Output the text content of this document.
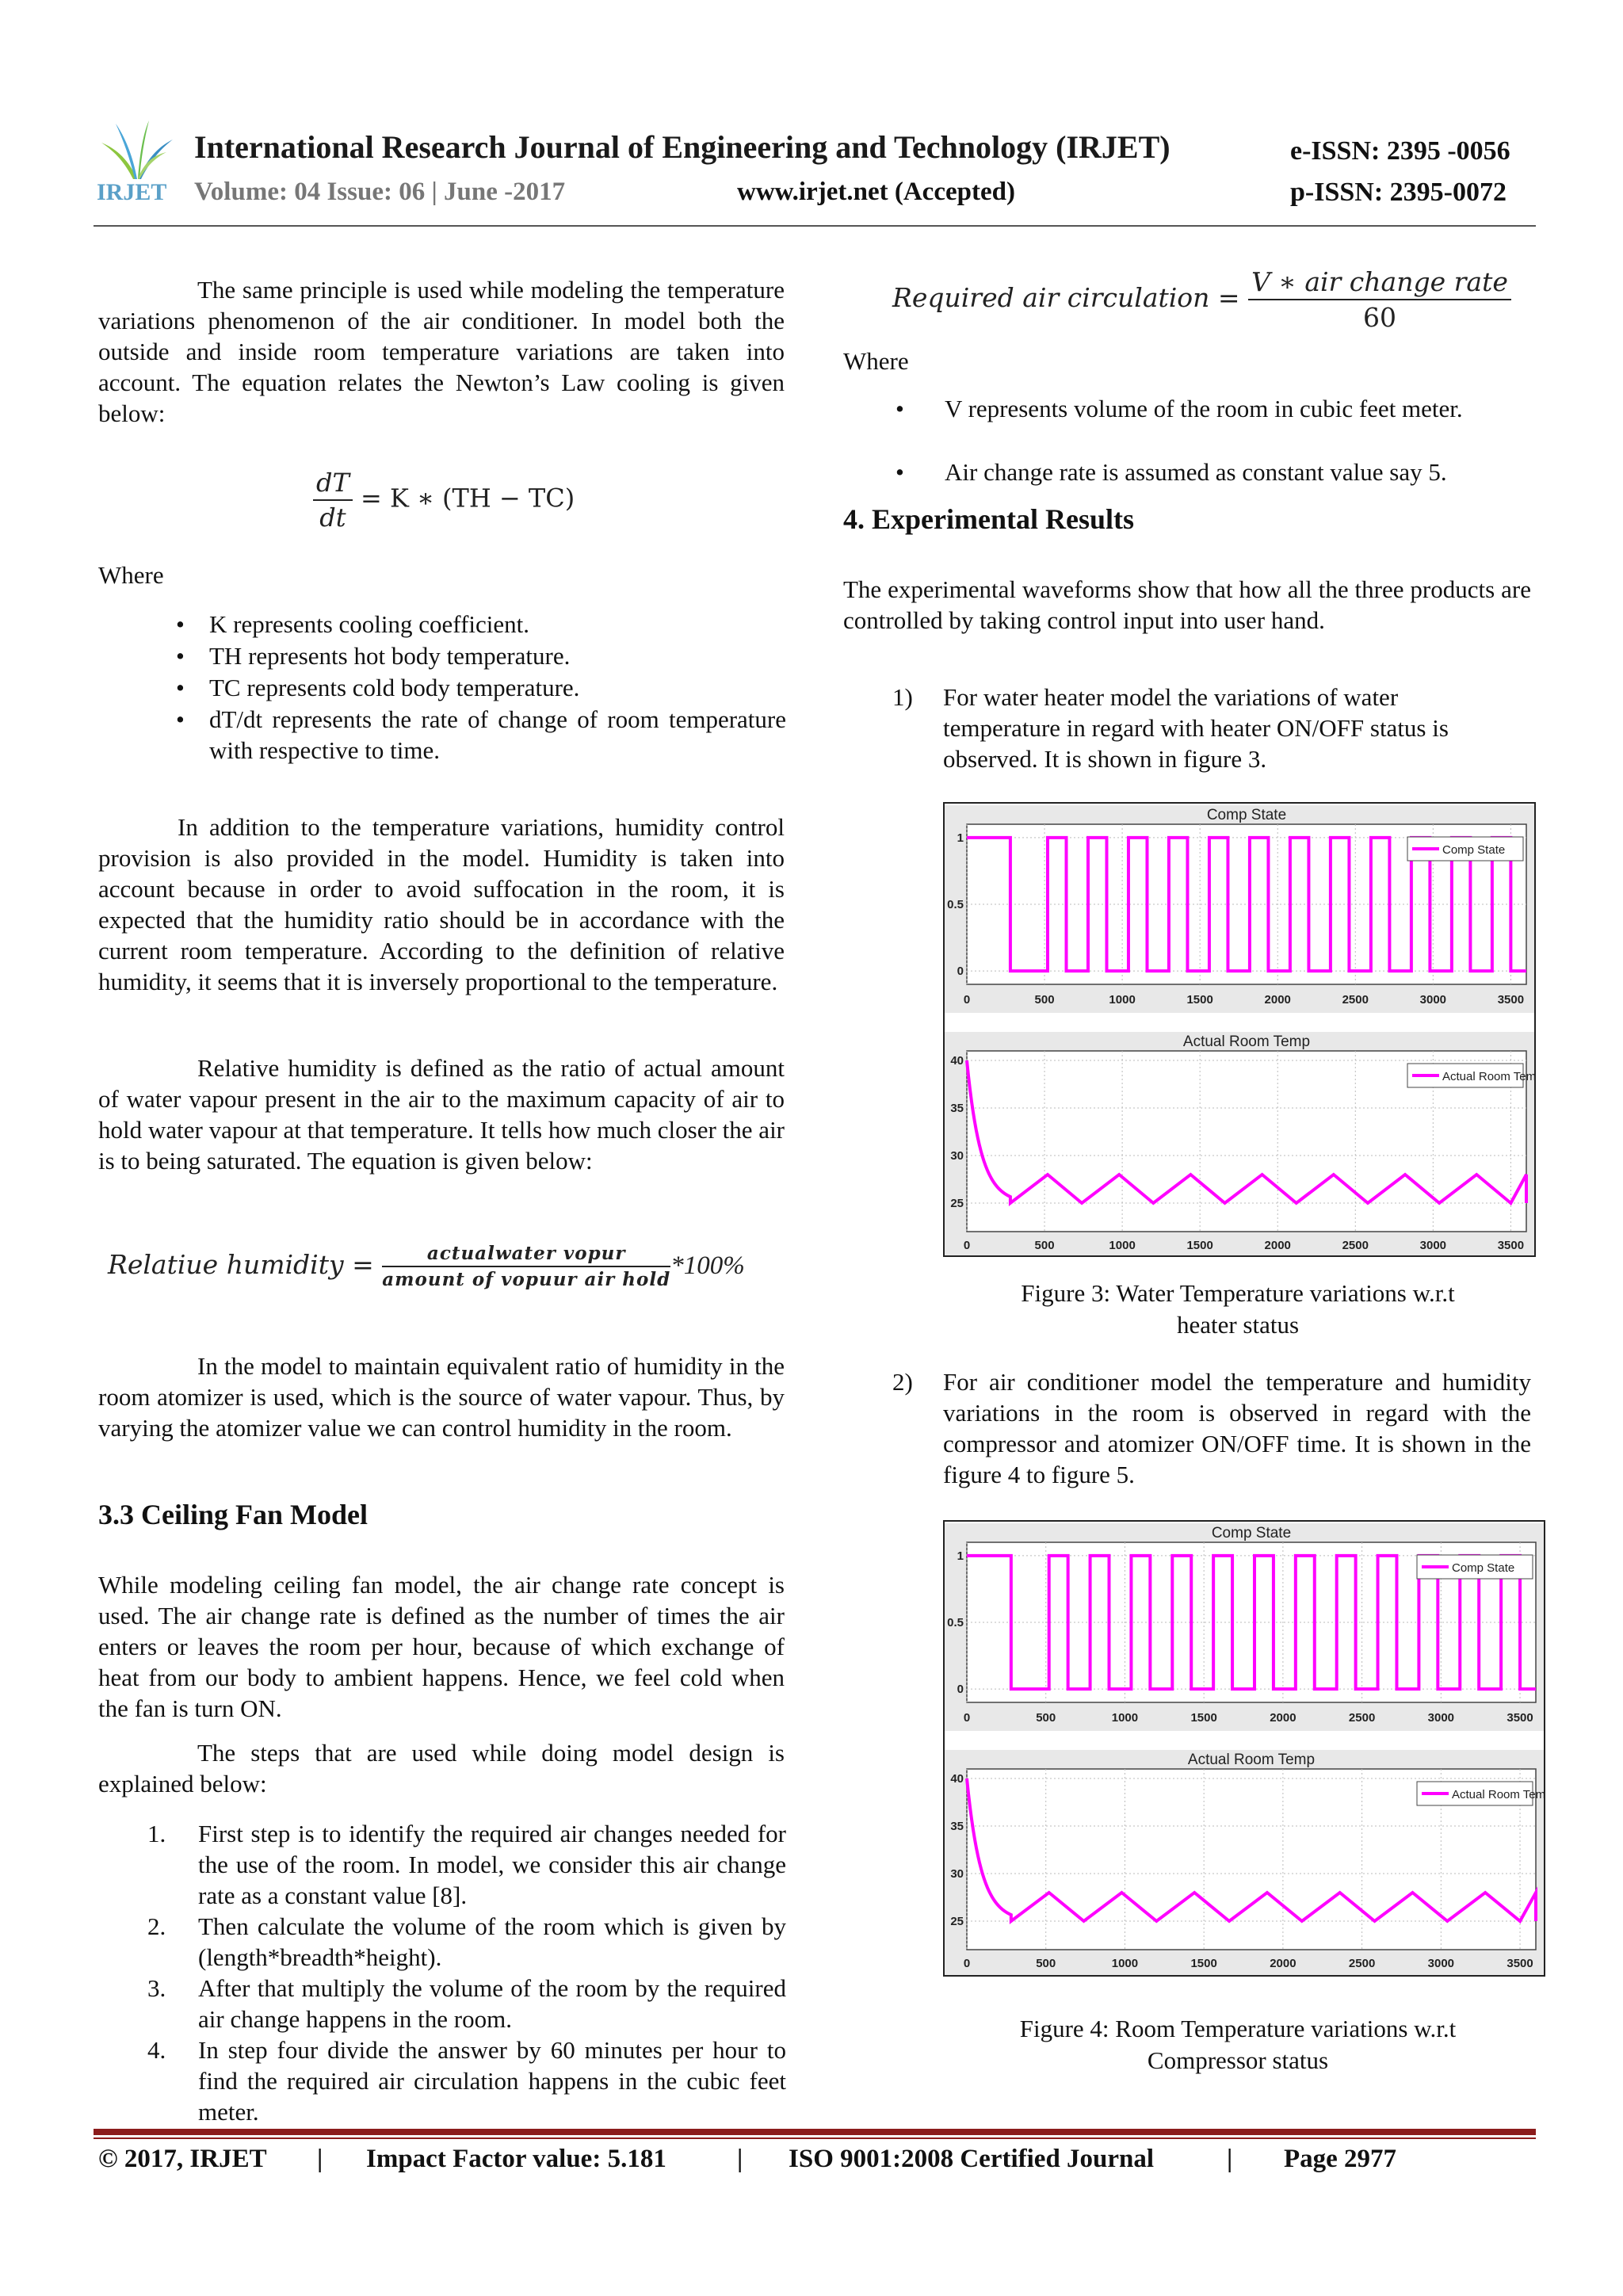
IRJET
International Research Journal of Engineering and Technology (IRJET)
Volume: 04 Issue: 06 | June -2017	www.irjet.net (Accepted)
e-ISSN: 2395 -0056
p-ISSN: 2395-0072
The same principle is used while modeling the temperature variations phenomenon of the air conditioner. In model both the outside and inside room temperature variations are taken into account. The equation relates the Newton’s Law cooling is given below:
$\frac{dT}{dt} = K$ ∗ (TH − TC)
Where
• K represents cooling coefficient.
• TH represents hot body temperature.
• TC represents cold body temperature.
• dT/dt represents the rate of change of room temperature with respective to time.
In addition to the temperature variations, humidity control provision is also provided in the model. Humidity is taken into account because in order to avoid suffocation in the room, it is expected that the humidity ratio should be in accordance with the current room temperature. According to the definition of relative humidity, it seems that it is inversely proportional to the temperature.
Relative humidity is defined as the ratio of actual amount of water vapour present in the air to the maximum capacity of air to hold water vapour at that temperature. It tells how much closer the air is to being saturated. The equation is given below:
Relatiue humidity = $\frac{\text{actualwater vopur}}{\text{amount of vopuur air hold}} *100\%$
In the model to maintain equivalent ratio of humidity in the room atomizer is used, which is the source of water vapour. Thus, by varying the atomizer value we can control humidity in the room.
3.3 Ceiling Fan Model
While modeling ceiling fan model, the air change rate concept is used. The air change rate is defined as the number of times the air enters or leaves the room per hour, because of which exchange of heat from our body to ambient happens. Hence, we feel cold when the fan is turn ON.
The steps that are used while doing model design is explained below:
1. First step is to identify the required air changes needed for the use of the room. In model, we consider this air change rate as a constant value [8].
2. Then calculate the volume of the room which is given by (length*breadth*height).
3. After that multiply the volume of the room by the required air change happens in the room.
4. In step four divide the answer by 60 minutes per hour to find the required air circulation happens in the cubic feet meter.
Required air circulation = $\frac{\text{V ∗ air change rate}}{60}$
Where
• V represents volume of the room in cubic feet meter.
• Air change rate is assumed as constant value say 5.
4. Experimental Results
The experimental waveforms show that how all the three products are controlled by taking control input into user hand.
1) For water heater model the variations of water temperature in regard with heater ON/OFF status is observed. It is shown in figure 3.
0	500	1000	1500	2000	2500	3000	3500
0
0.5
1
Comp State
Comp State
0	500	1000	1500	2000	2500	3000	3500
25
30
35
40
Actual Room Temp
Actual Room Temp
Figure 3: Water Temperature variations w.r.t
heater status
2) For air conditioner model the temperature and humidity variations in the room is observed in regard with the compressor and atomizer ON/OFF time. It is shown in the figure 4 to figure 5.
0	500	1000	1500	2000	2500	3000	3500
0
0.5
1
Comp State
Comp State
0	500	1000	1500	2000	2500	3000	3500
25
30
35
40
Actual Room Temp
Actual Room Temp
Figure 4: Room Temperature variations w.r.t
Compressor status
© 2017, IRJET | Impact Factor value: 5.181	| ISO 9001:2008 Certified Journal	| Page 2977
